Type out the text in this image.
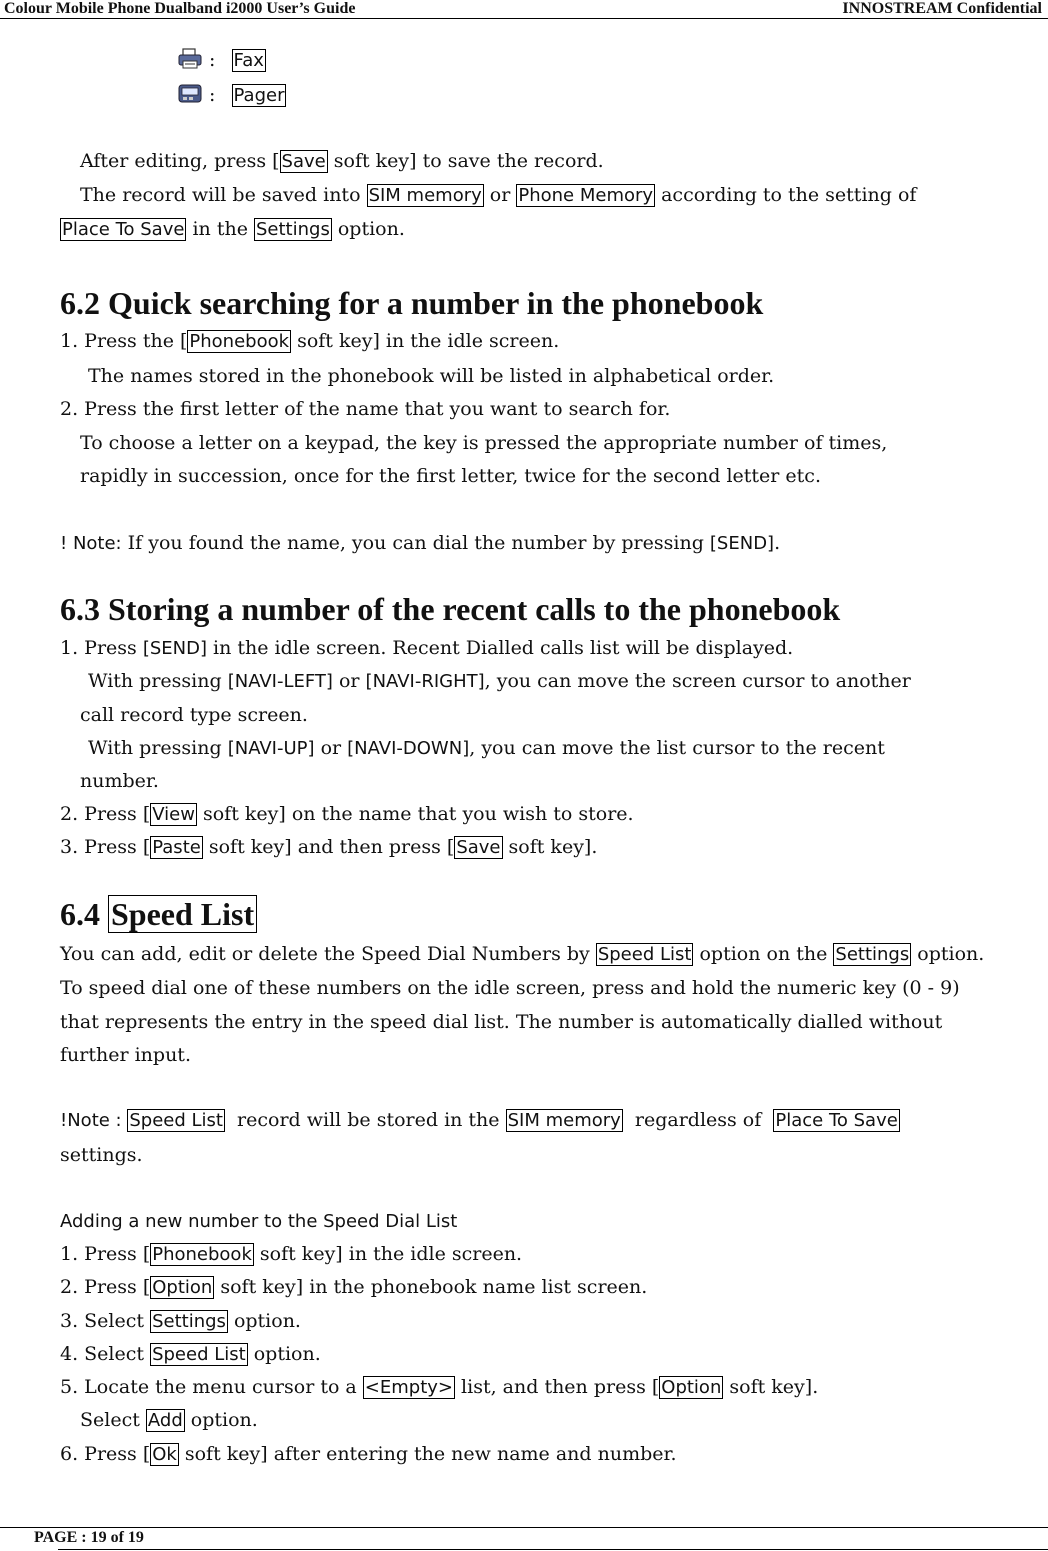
Colour Mobile Phone Dualband i2000 User’s Guide	INNOSTREAM Confidential
: Fax
: Pager
After editing, press [ Save soft key] to save the record.
The record will be saved into SIM memory or Phone Memory according to the setting of
Place To Save in the Settings option.
6.2 Quick searching for a number in the phonebook
1. Press the [ Phonebook soft key] in the idle screen.
The names stored in the phonebook will be listed in alphabetical order.
2. Press the first letter of the name that you want to search for.
To choose a letter on a keypad, the key is pressed the appropriate number of times,
rapidly in succession, once for the first letter, twice for the second letter etc.
! Note: If you found the name, you can dial the number by pressing [SEND].
6.3 Storing a number of the recent calls to the phonebook
1. Press [SEND] in the idle screen. Recent Dialled calls list will be displayed.
With pressing [NAVI-LEFT] or [NAVI-RIGHT], you can move the screen cursor to another
call record type screen.
With pressing [NAVI-UP] or [NAVI-DOWN], you can move the list cursor to the recent
number.
2. Press [ View soft key] on the name that you wish to store.
3. Press [ Paste soft key] and then press [ Save soft key].
6.4 Speed List
You can add, edit or delete the Speed Dial Numbers by Speed List option on the Settings option.
To speed dial one of these numbers on the idle screen, press and hold the numeric key (0 - 9)
that represents the entry in the speed dial list. The number is automatically dialled without
further input.
!Note : Speed List  record will be stored in the SIM memory  regardless of  Place To Save
settings.
Adding a new number to the Speed Dial List
1. Press [ Phonebook soft key] in the idle screen.
2. Press [ Option soft key] in the phonebook name list screen.
3. Select Settings option.
4. Select Speed List option.
5. Locate the menu cursor to a <Empty> list, and then press [ Option soft key].
Select Add option.
6. Press [ Ok soft key] after entering the new name and number.
PAGE : 19 of 19
